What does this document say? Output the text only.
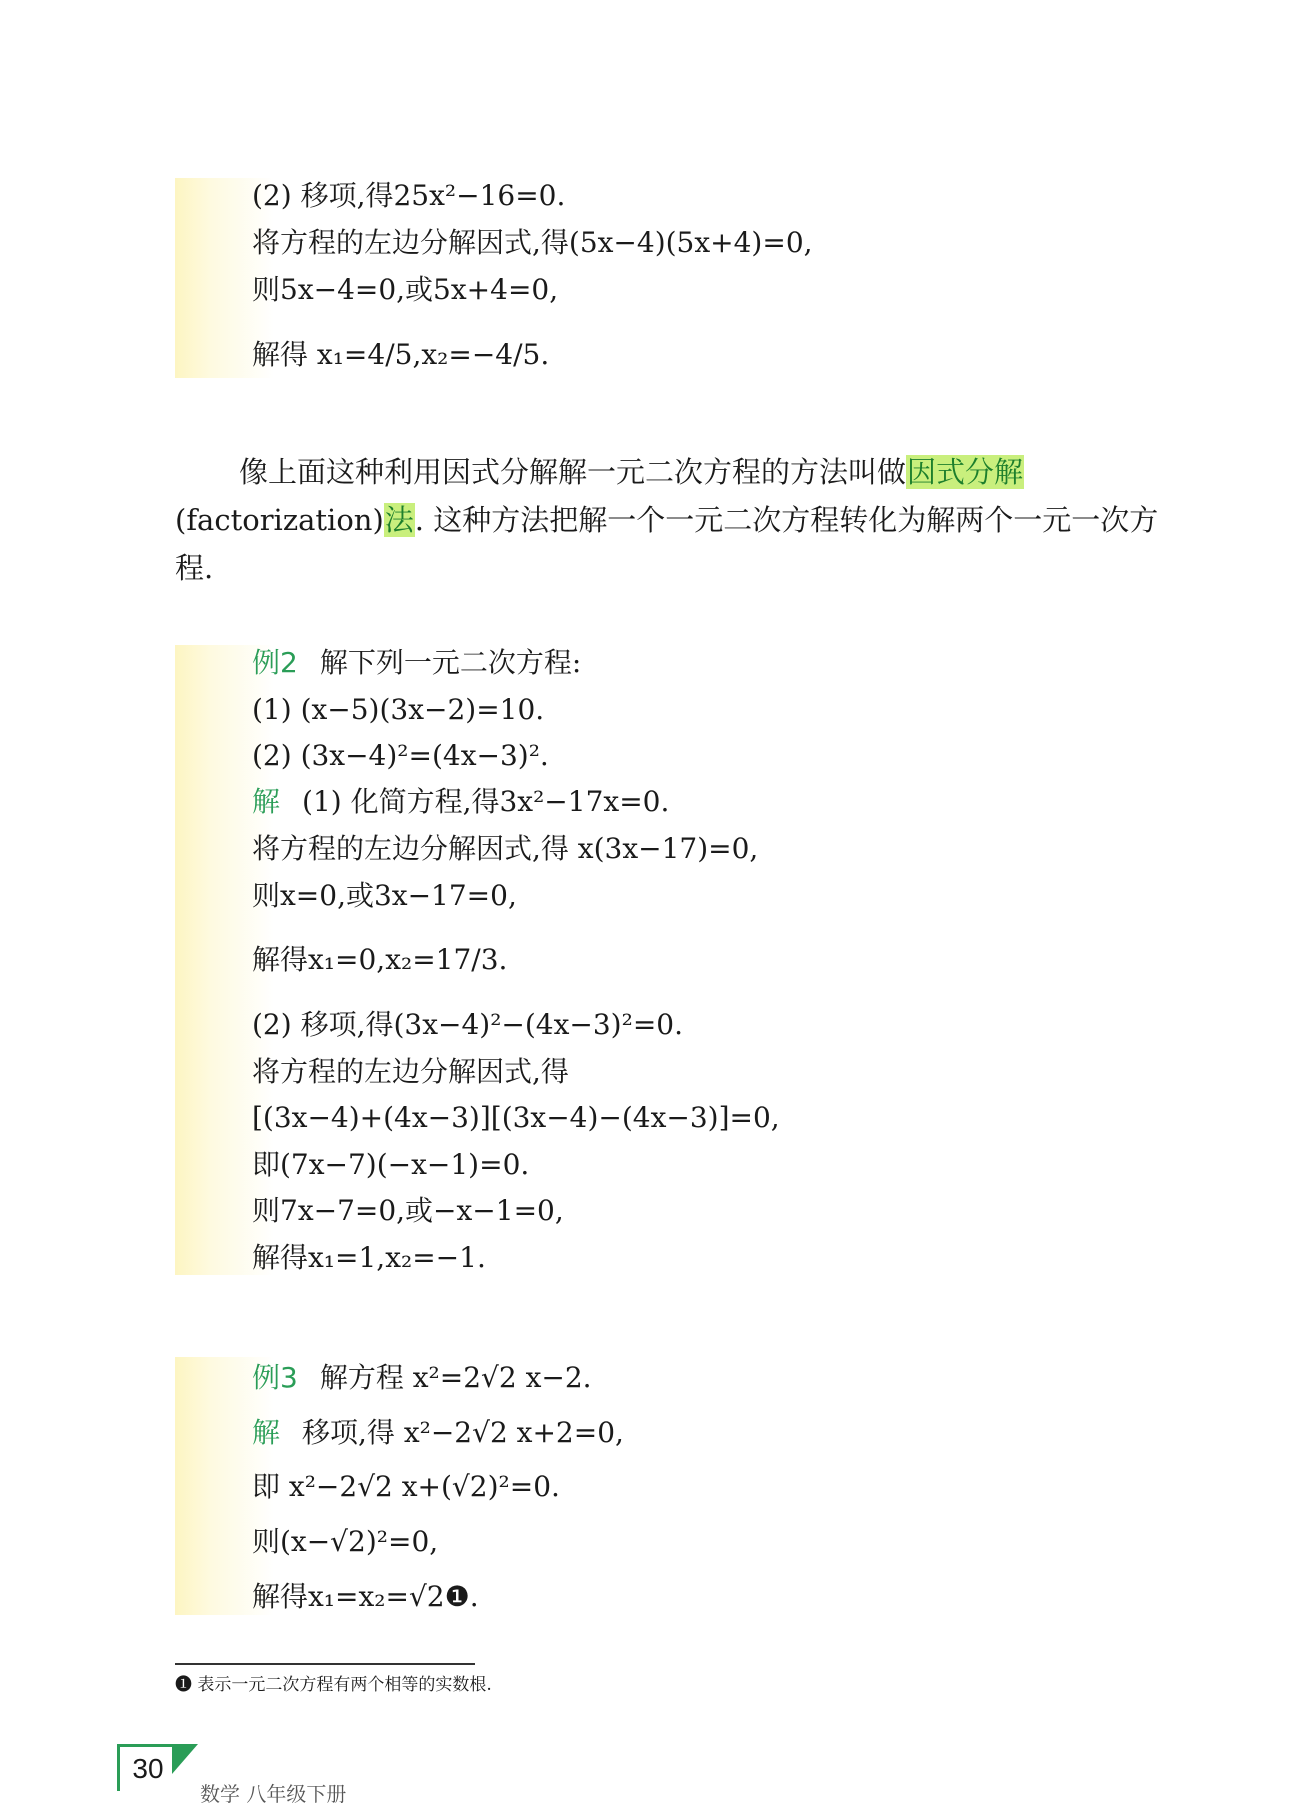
(2) 移项,得25x²−16=0.
将方程的左边分解因式,得(5x−4)(5x+4)=0,
则5x−4=0,或5x+4=0,
解得 x₁=4/5,x₂=−4/5.

像上面这种利用因式分解解一元二次方程的方法叫做因式分解(factorization)法. 这种方法把解一个一元二次方程转化为解两个一元一次方程.

例2 解下列一元二次方程:
(1) (x−5)(3x−2)=10.
(2) (3x−4)²=(4x−3)².
解 (1) 化简方程,得3x²−17x=0.
将方程的左边分解因式,得 x(3x−17)=0,
则x=0,或3x−17=0,
解得x₁=0,x₂=17/3.
(2) 移项,得(3x−4)²−(4x−3)²=0.
将方程的左边分解因式,得
[(3x−4)+(4x−3)][(3x−4)−(4x−3)]=0,
即(7x−7)(−x−1)=0.
则7x−7=0,或−x−1=0,
解得x₁=1,x₂=−1.
例3 解方程 x²=2√2 x−2.
解 移项,得 x²−2√2 x+2=0,
即 x²−2√2 x+(√2)²=0.
则(x−√2)²=0,
解得x₁=x₂=√2❶.
❶ 表示一元二次方程有两个相等的实数根.
30
数学 八年级下册
